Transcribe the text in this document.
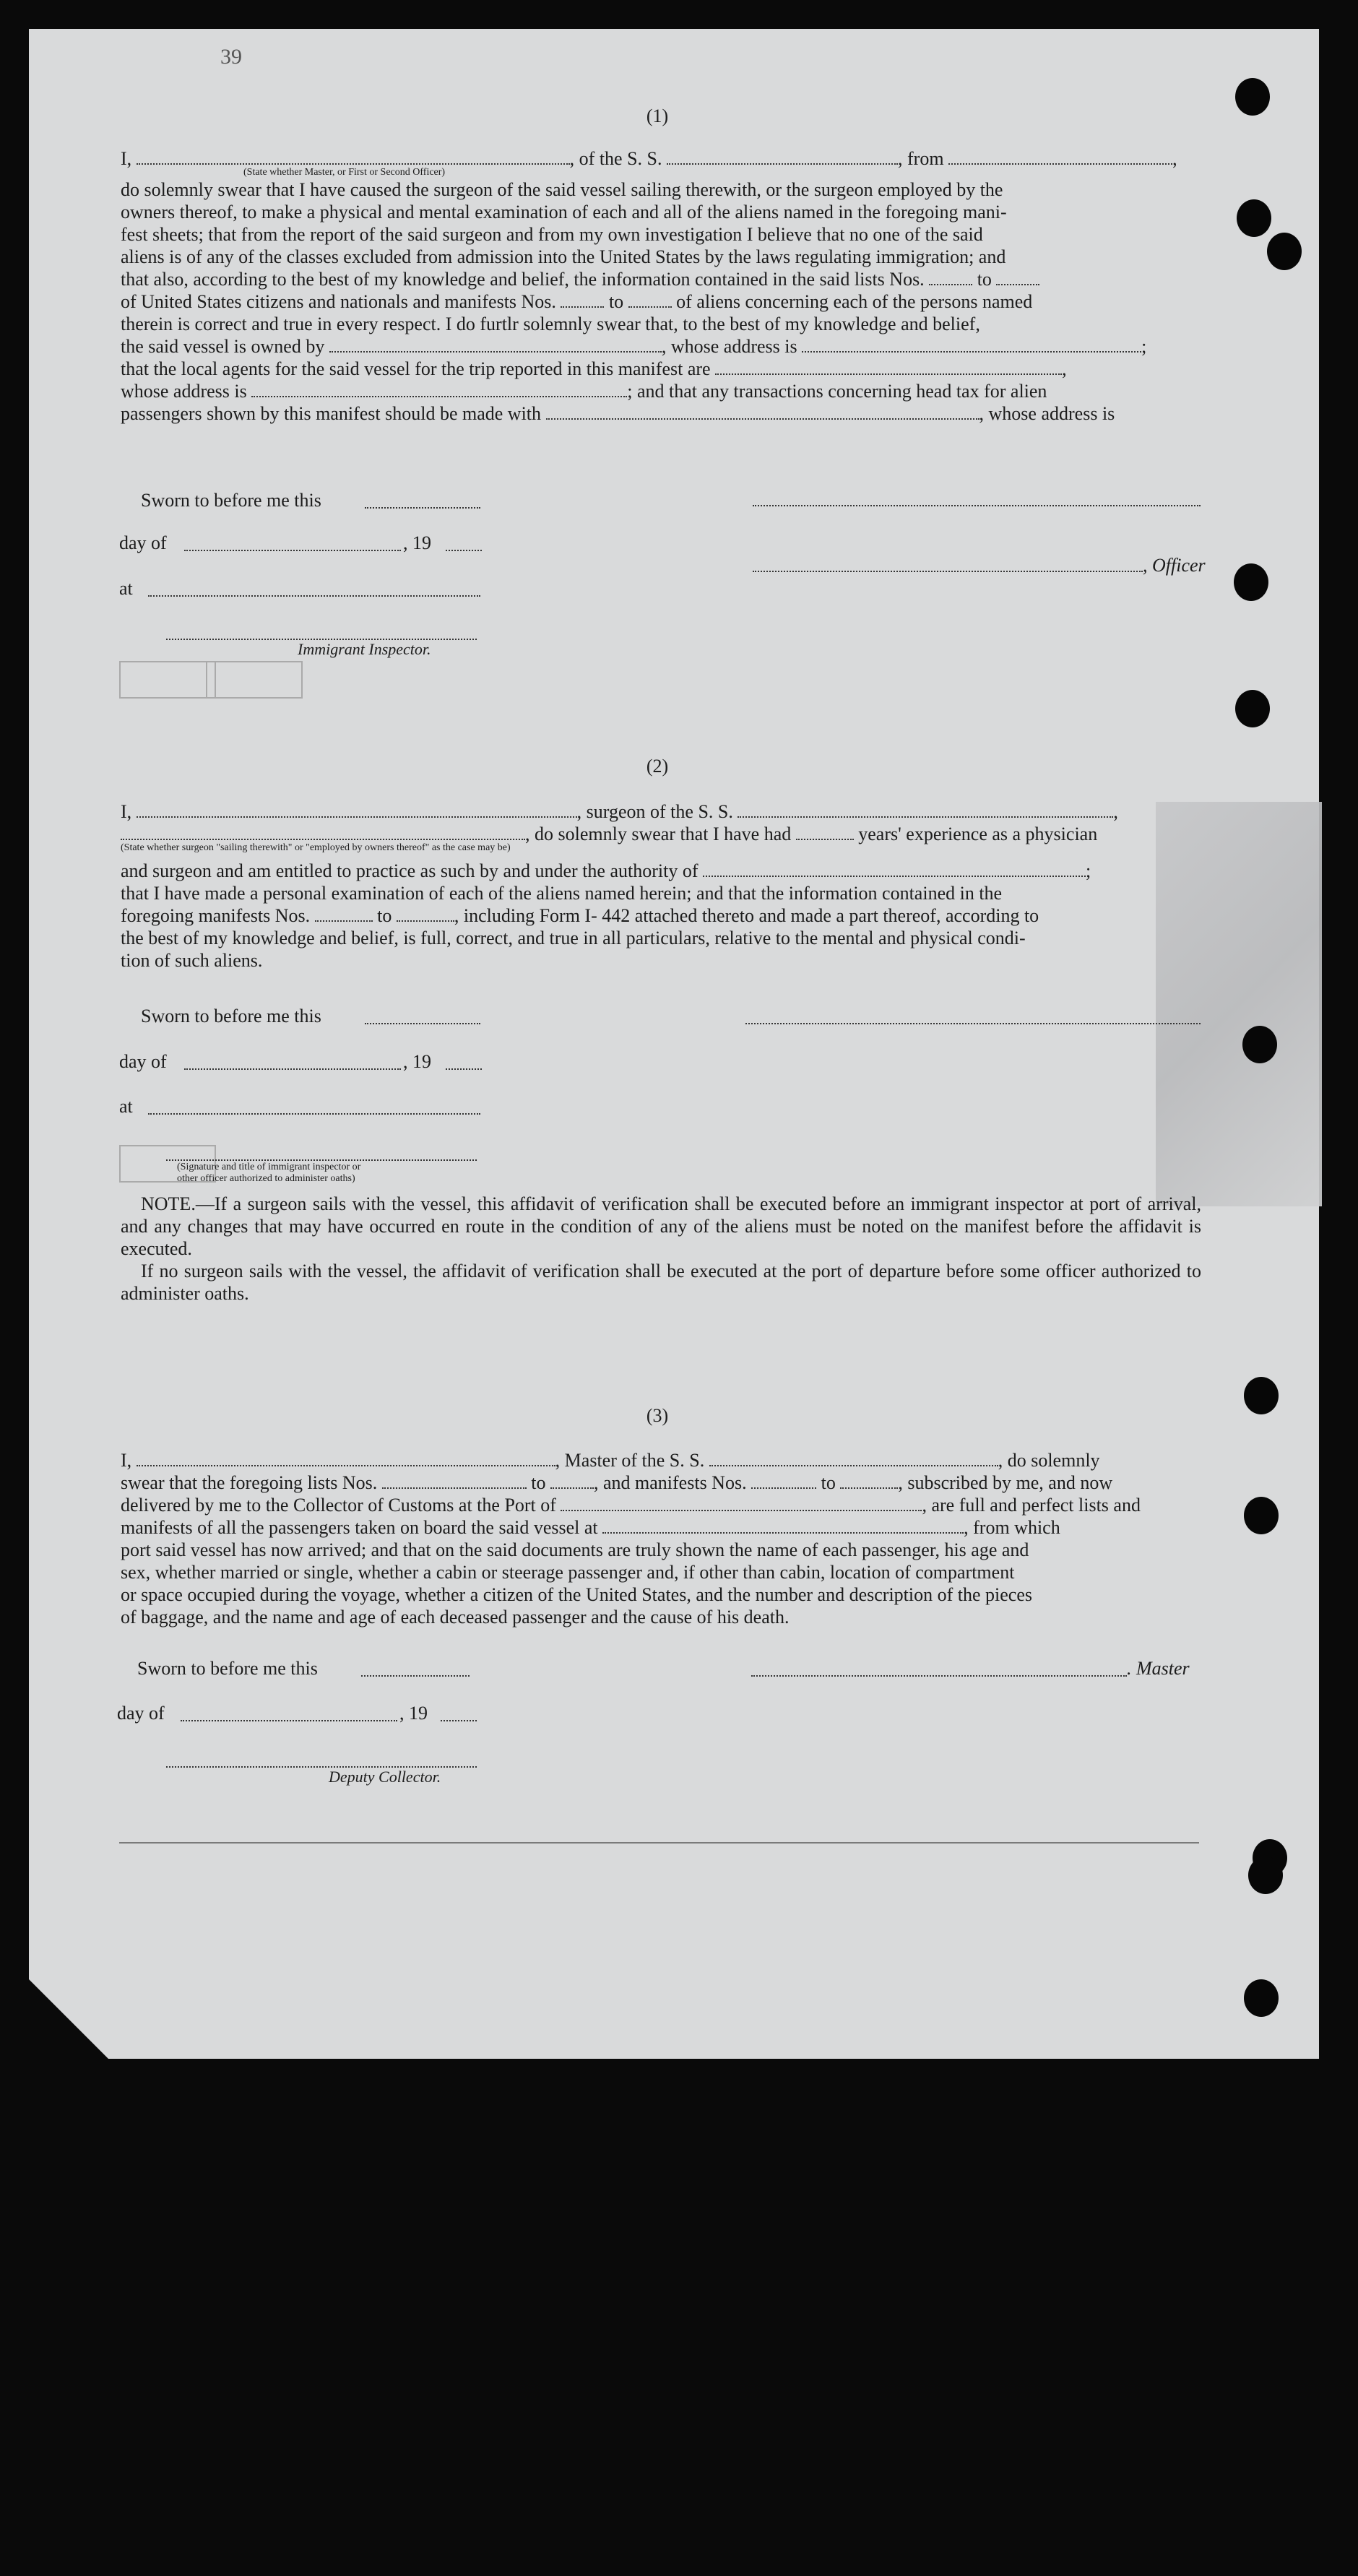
39
(1)
I,	, of the S. S.	, from	,
(State whether Master, or First or Second Officer)
do solemnly swear that I have caused the surgeon of the said vessel sailing therewith, or the surgeon employed by the
owners thereof, to make a physical and mental examination of each and all of the aliens named in the foregoing mani-
fest sheets; that from the report of the said surgeon and from my own investigation I believe that no one of the said
aliens is of any of the classes excluded from admission into the United States by the laws regulating immigration; and
that also, according to the best of my knowledge and belief, the information contained in the said lists Nos.	to
of United States citizens and nationals and manifests Nos.	to	of aliens concerning each of the persons named
therein is correct and true in every respect. I do furtlr solemnly swear that, to the best of my knowledge and belief,
the said vessel is owned by	, whose address is	;
that the local agents for the said vessel for the trip reported in this manifest are	,
whose address is	; and that any transactions concerning head tax for alien
passengers shown by this manifest should be made with	, whose address is
Sworn to before me this
day of	, 19
, Officer
at
Immigrant Inspector.
(2)
I,	, surgeon of the S. S.	,
, do solemnly swear that I have had	years' experience as a physician
(State whether surgeon "sailing therewith" or "employed by owners thereof" as the case may be)
and surgeon and am entitled to practice as such by and under the authority of	;
that I have made a personal examination of each of the aliens named herein; and that the information contained in the
foregoing manifests Nos.	to	, including Form I- 442 attached thereto and made a part thereof, according to
the best of my knowledge and belief, is full, correct, and true in all particulars, relative to the mental and physical condi-
tion of such aliens.
Sworn to before me this
day of	, 19
at
(Signature and title of immigrant inspector or
other officer authorized to administer oaths)
NOTE.—If a surgeon sails with the vessel, this affidavit of verification shall be executed before an immigrant inspector at port of arrival, and any changes that may have occurred en route in the condition of any of the aliens must be noted on the manifest before the affidavit is executed.
If no surgeon sails with the vessel, the affidavit of verification shall be executed at the port of departure before some officer authorized to administer oaths.
(3)
I,	, Master of the S. S.	, do solemnly
swear that the foregoing lists Nos.	to	, and manifests Nos.	to	, subscribed by me, and now
delivered by me to the Collector of Customs at the Port of	, are full and perfect lists and
manifests of all the passengers taken on board the said vessel at	, from which
port said vessel has now arrived; and that on the said documents are truly shown the name of each passenger, his age and
sex, whether married or single, whether a cabin or steerage passenger and, if other than cabin, location of compartment
or space occupied during the voyage, whether a citizen of the United States, and the number and description of the pieces
of baggage, and the name and age of each deceased passenger and the cause of his death.
Sworn to before me this	. Master
day of	, 19
Deputy Collector.
